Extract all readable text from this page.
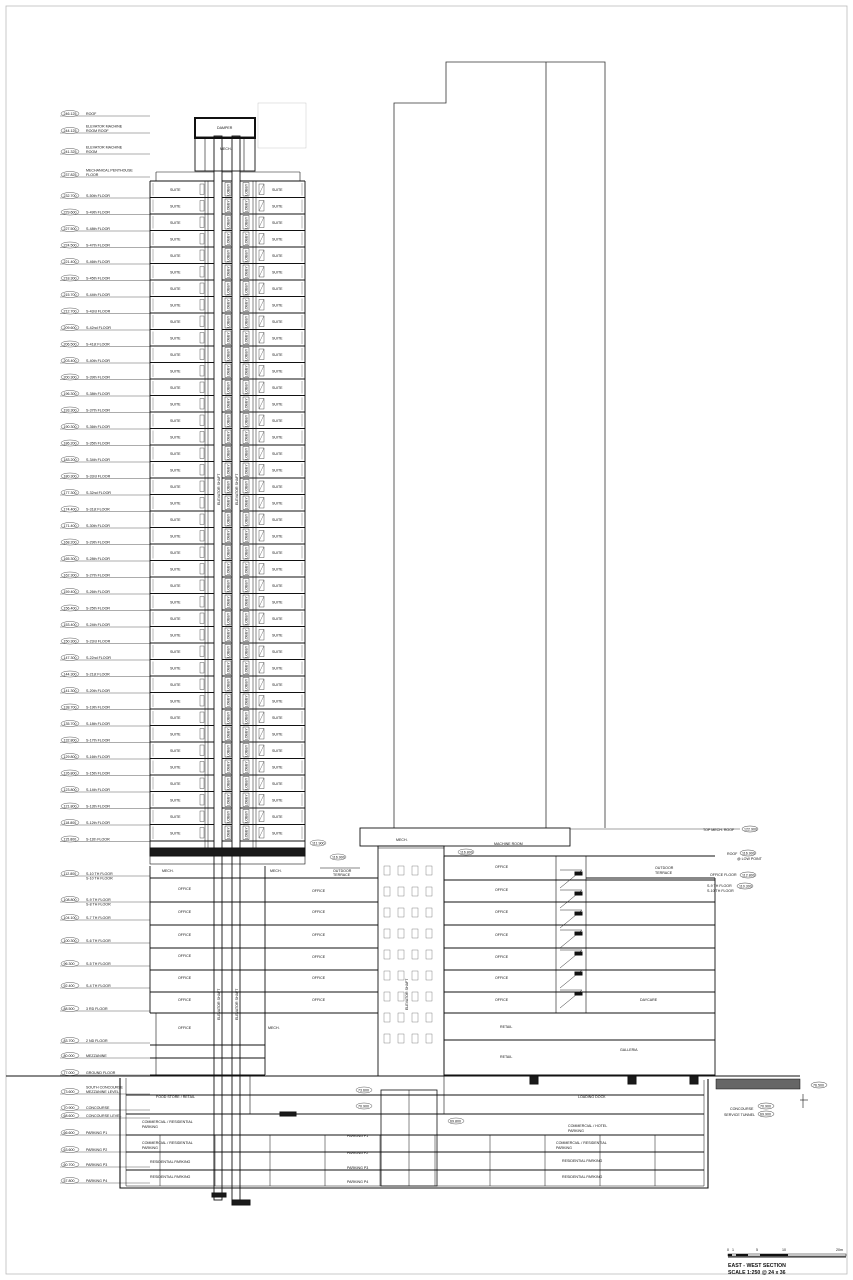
246.125	ROOF
244.125
ELEVATOR MACHINE
ROOM ROOF
241.325
ELEVATOR MACHINE
ROOM
237.825
MECHANICAL PENTHOUSE
FLOOR
232.700	S-50th FLOOR
229.600	S-49th FLOOR
227.500	S-48th FLOOR
224.500	S-47th FLOOR
221.400	S-46th FLOOR
218.300	S-45th FLOOR
215.700	S-44th FLOOR
212.700	S-43rd FLOOR
209.600	S-42nd FLOOR
206.500	S-41st FLOOR
203.400	S-40th FLOOR
200.300	S-39th FLOOR
196.300	S-38th FLOOR
193.300	S-37th FLOOR
190.300	S-36th FLOOR
186.200	S-35th FLOOR
183.200	S-34th FLOOR
180.300	S-33rd FLOOR
177.300	S-32nd FLOOR
174.400	S-31st FLOOR
171.400	S-30th FLOOR
168.200	S-29th FLOOR
165.300	S-28th FLOOR
162.300	S-27th FLOOR
159.400	S-26th FLOOR
156.400	S-25th FLOOR
153.400	S-24th FLOOR
150.300	S-23rd FLOOR
147.300	S-22nd FLOOR
144.300	S-21st FLOOR
141.300	S-20th FLOOR
138.700	S-19th FLOOR
135.700	S-18th FLOOR
132.800	S-17th FLOOR
129.800	S-16th FLOOR
126.800	S-15th FLOOR
123.800	S-14th FLOOR
121.800	S-13th FLOOR
118.800	S-12th FLOOR
115.800	S-11th FLOOR
112.800	S-10 TH FLOOR
S-10 TH FLOOR
108.800	S-9 TH FLOOR
S-8 TH FLOOR
104.100	S-7 TH FLOOR
100.300	S-6 TH FLOOR
96.300	S-5 TH FLOOR
92.400	S-4 TH FLOOR
88.500	3 RD FLOOR
83.700	2 ND FLOOR
80.000	MEZZANINE
77.000	GROUND FLOOR
73.600
SOUTH CONCOURSE
MEZZANINE LEVEL
70.900	CONCOURSE
68.600	CONCOURSE LEVEL
66.600	PARKING P1
63.600	PARKING P2
60.700	PARKING P3
57.800	PARKING P4
SUITE	SUITE
LOBBY	LOBBY
SUITE	SUITE
LOBBY	LOBBY
SUITE	SUITE
LOBBY	LOBBY
SUITE	SUITE
LOBBY	LOBBY
SUITE	SUITE
LOBBY	LOBBY
SUITE	SUITE
LOBBY	LOBBY
SUITE	SUITE
LOBBY	LOBBY
SUITE	SUITE
LOBBY	LOBBY
SUITE	SUITE
LOBBY	LOBBY
SUITE	SUITE
LOBBY	LOBBY
SUITE	SUITE
LOBBY	LOBBY
SUITE	SUITE
LOBBY	LOBBY
SUITE	SUITE
LOBBY	LOBBY
SUITE	SUITE
LOBBY	LOBBY
SUITE	SUITE
LOBBY	LOBBY
SUITE	SUITE
LOBBY	LOBBY
SUITE	SUITE
LOBBY	LOBBY
SUITE	SUITE
LOBBY	LOBBY
SUITE	SUITE
LOBBY	LOBBY
SUITE	SUITE
LOBBY	LOBBY
SUITE	SUITE
LOBBY	LOBBY
SUITE	SUITE
LOBBY	LOBBY
SUITE	SUITE
LOBBY	LOBBY
SUITE	SUITE
LOBBY	LOBBY
SUITE	SUITE
LOBBY	LOBBY
SUITE	SUITE
LOBBY	LOBBY
SUITE	SUITE
LOBBY	LOBBY
SUITE	SUITE
LOBBY	LOBBY
SUITE	SUITE
LOBBY	LOBBY
SUITE	SUITE
LOBBY	LOBBY
SUITE	SUITE
LOBBY	LOBBY
SUITE	SUITE
LOBBY	LOBBY
SUITE	SUITE
LOBBY	LOBBY
SUITE	SUITE
LOBBY	LOBBY
SUITE	SUITE
LOBBY	LOBBY
SUITE	SUITE
LOBBY	LOBBY
SUITE	SUITE
LOBBY	LOBBY
SUITE	SUITE
LOBBY	LOBBY
SUITE	SUITE
LOBBY	LOBBY
SUITE	SUITE
LOBBY	LOBBY
DAMPER
MECH.
ELEVATOR SHAFT	ELEVATOR SHAFT
MECH.	MECH.
OFFICE
OFFICE
OFFICE
OFFICE
OFFICE
OFFICE
OFFICE
OFFICE
OFFICE
OFFICE
OFFICE
OFFICE
OFFICE
OFFICE
OFFICE
OFFICE
OFFICE
OFFICE
OFFICE
OFFICE
MECH.
MECH.
MACHINE ROOM
DAYCARE
RETAIL
RETAIL
GALLERIA
OUTDOOR
TERRACE
OUTDOOR
TERRACE
ELEVATOR SHAFT	ELEVATOR SHAFT	ELEVATOR SHAFT
FOOD STORE / RETAIL	LOADING DOCK
COMMERCIAL / RESIDENTIAL
PARKING	COMMERCIAL / HOTEL
PARKING
COMMERCIAL / RESIDENTIAL
PARKING
COMMERCIAL / RESIDENTIAL
PARKING
RESIDENTIAL PARKING
RESIDENTIAL PARKING
RESIDENTIAL PARKING
RESIDENTIAL PARKING
PARKING P1
PARKING P2
PARKING P3
PARKING P4
TOP MECH. ROOF	122.900
ROOF 116.900
@ LOW POINT
OFFICE FLOOR 112.800
S-9 TH FLOOR 110.300
S-10 TH FLOOR
CONCOURSE
70.900
SERVICE TUNNEL 69.900
76.500
111.900
116.900
116.800
73.600
70.900
69.800
0 1	5	10	20m
EAST - WEST SECTION
SCALE 1:250 @ 24 x 36
